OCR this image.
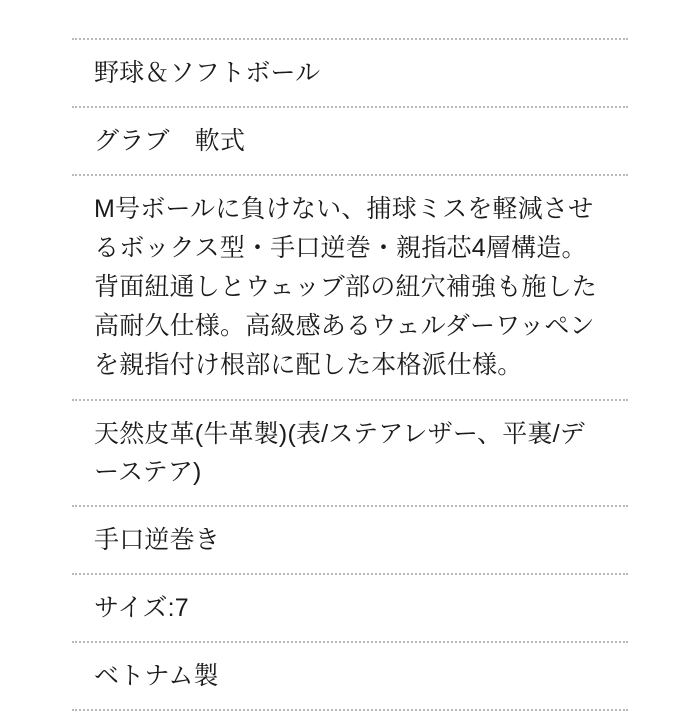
野球＆ソフトボール
グラブ　軟式
M号ボールに負けない、捕球ミスを軽減させるボックス型・手口逆巻・親指芯4層構造。背面紐通しとウェッブ部の紐穴補強も施した高耐久仕様。高級感あるウェルダーワッペンを親指付け根部に配した本格派仕様。
天然皮革(牛革製)(表/ステアレザー、平裏/デーステア)
手口逆巻き
サイズ:7
ベトナム製
